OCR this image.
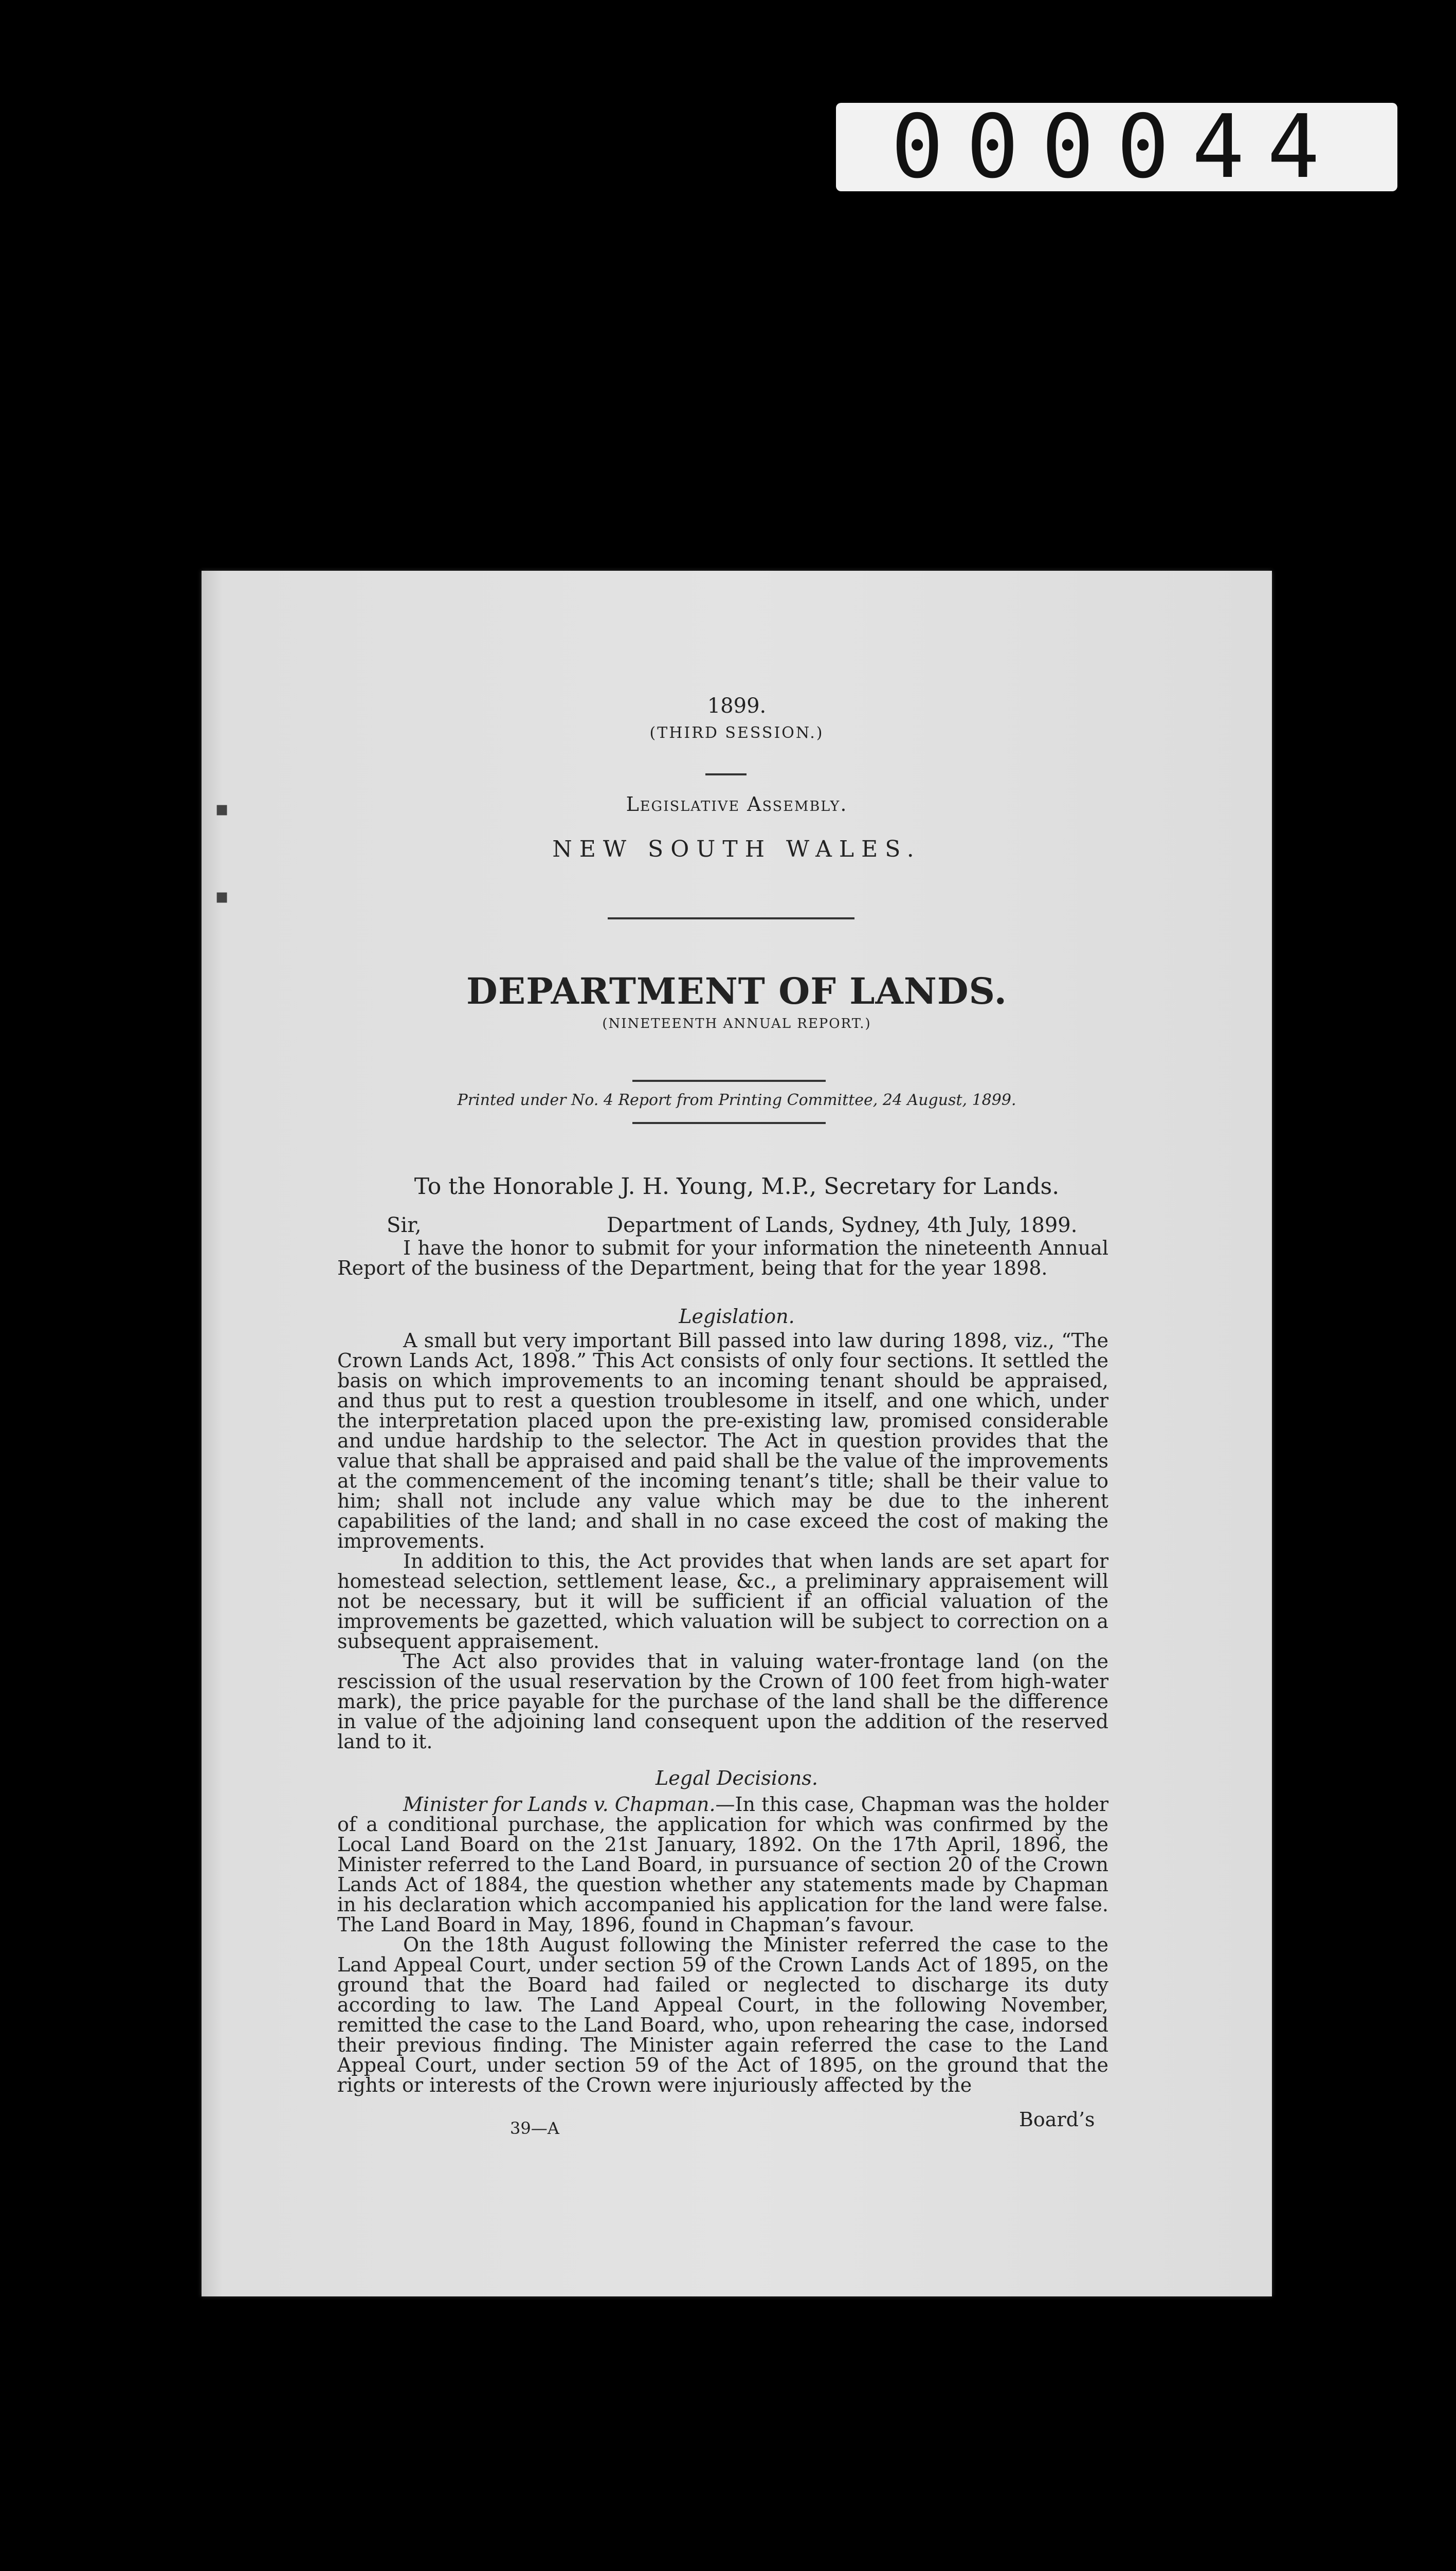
000044
1899.
(THIRD SESSION.)
Legislative Assembly.
NEW SOUTH WALES.
DEPARTMENT OF LANDS.
(NINETEENTH ANNUAL REPORT.)
Printed under No. 4 Report from Printing Committee, 24 August, 1899.
To the Honorable J. H. Young, M.P., Secretary for Lands.
Sir,	Department of Lands, Sydney, 4th July, 1899.

I have the honor to submit for your information the nineteenth Annual Report of the business of the Department, being that for the year 1898.

Legislation.

A small but very important Bill passed into law during 1898, viz., “The Crown Lands Act, 1898.” This Act consists of only four sections. It settled the basis on which improvements to an incoming tenant should be appraised, and thus put to rest a question troublesome in itself, and one which, under the interpretation placed upon the pre-existing law, promised considerable and undue hardship to the selector. The Act in question provides that the value that shall be appraised and paid shall be the value of the improvements at the commencement of the incoming tenant’s title; shall be their value to him; shall not include any value which may be due to the inherent capabilities of the land; and shall in no case exceed the cost of making the improvements.

In addition to this, the Act provides that when lands are set apart for homestead selection, settlement lease, &c., a preliminary appraisement will not be necessary, but it will be sufficient if an official valuation of the improvements be gazetted, which valuation will be subject to correction on a subsequent appraisement.

The Act also provides that in valuing water-frontage land (on the rescission of the usual reservation by the Crown of 100 feet from high-water mark), the price payable for the purchase of the land shall be the difference in value of the adjoining land consequent upon the addition of the reserved land to it.

Legal Decisions.

Minister for Lands v. Chapman.—In this case, Chapman was the holder of a conditional purchase, the application for which was confirmed by the Local Land Board on the 21st January, 1892. On the 17th April, 1896, the Minister referred to the Land Board, in pursuance of section 20 of the Crown Lands Act of 1884, the question whether any statements made by Chapman in his declaration which accompanied his application for the land were false. The Land Board in May, 1896, found in Chapman’s favour.

On the 18th August following the Minister referred the case to the Land Appeal Court, under section 59 of the Crown Lands Act of 1895, on the ground that the Board had failed or neglected to discharge its duty according to law. The Land Appeal Court, in the following November, remitted the case to the Land Board, who, upon rehearing the case, indorsed their previous finding. The Minister again referred the case to the Land Appeal Court, under section 59 of the Act of 1895, on the ground that the rights or interests of the Crown were injuriously affected by the

Board’s
39—A
▪
▪
